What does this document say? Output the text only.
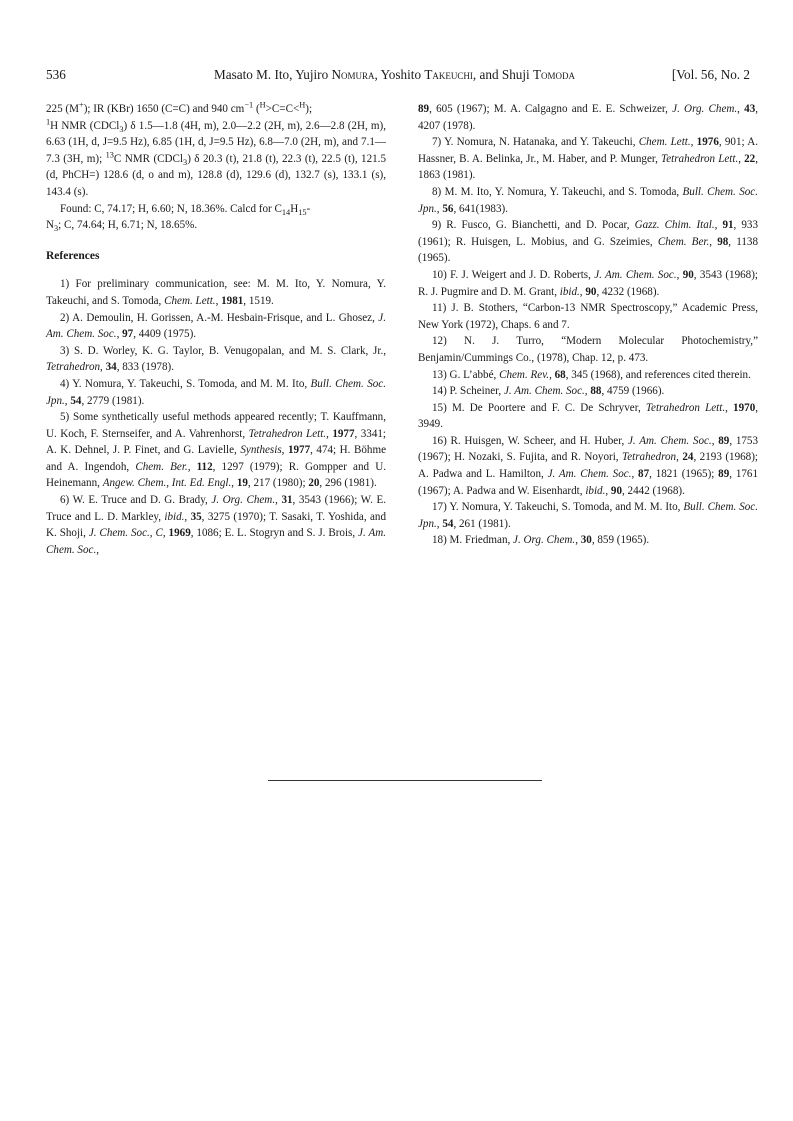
536	Masato M. Ito, Yujiro Nomura, Yoshito Takeuchi, and Shuji Tomoda	[Vol. 56, No. 2

225 (M+); IR (KBr) 1650 (C=C) and 940 $cm^{-1}$ ($^H$>C=C<$^H$);

$^1$H NMR (CDCl$_3$) δ 1.5—1.8 (4H, m), 2.0—2.2 (2H, m), 2.6—2.8 (2H, m), 6.63 (1H, d, J=9.5 Hz), 6.85 (1H, d, J=9.5 Hz), 6.8—7.0 (2H, m), and 7.1—7.3 (3H, m); $^{13}$C NMR (CDCl$_3$) δ 20.3 (t), 21.8 (t), 22.3 (t), 22.5 (t), 121.5 (d, PhCH=) 128.6 (d, o and m), 128.8 (d), 129.6 (d), 132.7 (s), 133.1 (s), 143.4 (s).

Found: C, 74.17; H, 6.60; N, 18.36%. Calcd for $C_{14}H_{15}-$
$N_3$; C, 74.64; H, 6.71; N, 18.65%.

References

1) For preliminary communication, see: M. M. Ito, Y. Nomura, Y. Takeuchi, and S. Tomoda, Chem. Lett., 1981, 1519.

2) A. Demoulin, H. Gorissen, A.-M. Hesbain-Frisque, and L. Ghosez, J. Am. Chem. Soc., 97, 4409 (1975).

3) S. D. Worley, K. G. Taylor, B. Venugopalan, and M. S. Clark, Jr., Tetrahedron, 34, 833 (1978).

4) Y. Nomura, Y. Takeuchi, S. Tomoda, and M. M. Ito, Bull. Chem. Soc. Jpn., 54, 2779 (1981).

5) Some synthetically useful methods appeared recently; T. Kauffmann, U. Koch, F. Sternseifer, and A. Vahrenhorst, Tetrahedron Lett., 1977, 3341; A. K. Dehnel, J. P. Finet, and G. Lavielle, Synthesis, 1977, 474; H. Böhme and A. Ingendoh, Chem. Ber., 112, 1297 (1979); R. Gompper and U. Heinemann, Angew. Chem., Int. Ed. Engl., 19, 217 (1980); 20, 296 (1981).

6) W. E. Truce and D. G. Brady, J. Org. Chem., 31, 3543 (1966); W. E. Truce and L. D. Markley, ibid., 35, 3275 (1970); T. Sasaki, T. Yoshida, and K. Shoji, J. Chem. Soc., C, 1969, 1086; E. L. Stogryn and S. J. Brois, J. Am. Chem. Soc.,

89, 605 (1967); M. A. Calgagno and E. E. Schweizer, J. Org. Chem., 43, 4207 (1978).

7) Y. Nomura, N. Hatanaka, and Y. Takeuchi, Chem. Lett., 1976, 901; A. Hassner, B. A. Belinka, Jr., M. Haber, and P. Munger, Tetrahedron Lett., 22, 1863 (1981).

8) M. M. Ito, Y. Nomura, Y. Takeuchi, and S. Tomoda, Bull. Chem. Soc. Jpn., 56, 641(1983).

9) R. Fusco, G. Bianchetti, and D. Pocar, Gazz. Chim. Ital., 91, 933 (1961); R. Huisgen, L. Mobius, and G. Szeimies, Chem. Ber., 98, 1138 (1965).

10) F. J. Weigert and J. D. Roberts, J. Am. Chem. Soc., 90, 3543 (1968); R. J. Pugmire and D. M. Grant, ibid., 90, 4232 (1968).

11) J. B. Stothers, “Carbon-13 NMR Spectroscopy,” Academic Press, New York (1972), Chaps. 6 and 7.

12) N. J. Turro, “Modern Molecular Photochemistry,” Benjamin/Cummings Co., (1978), Chap. 12, p. 473.

13) G. L’abbé, Chem. Rev., 68, 345 (1968), and references cited therein.

14) P. Scheiner, J. Am. Chem. Soc., 88, 4759 (1966).

15) M. De Poortere and F. C. De Schryver, Tetrahedron Lett., 1970, 3949.

16) R. Huisgen, W. Scheer, and H. Huber, J. Am. Chem. Soc., 89, 1753 (1967); H. Nozaki, S. Fujita, and R. Noyori, Tetrahedron, 24, 2193 (1968); A. Padwa and L. Hamilton, J. Am. Chem. Soc., 87, 1821 (1965); 89, 1761 (1967); A. Padwa and W. Eisenhardt, ibid., 90, 2442 (1968).

17) Y. Nomura, Y. Takeuchi, S. Tomoda, and M. M. Ito, Bull. Chem. Soc. Jpn., 54, 261 (1981).

18) M. Friedman, J. Org. Chem., 30, 859 (1965).
